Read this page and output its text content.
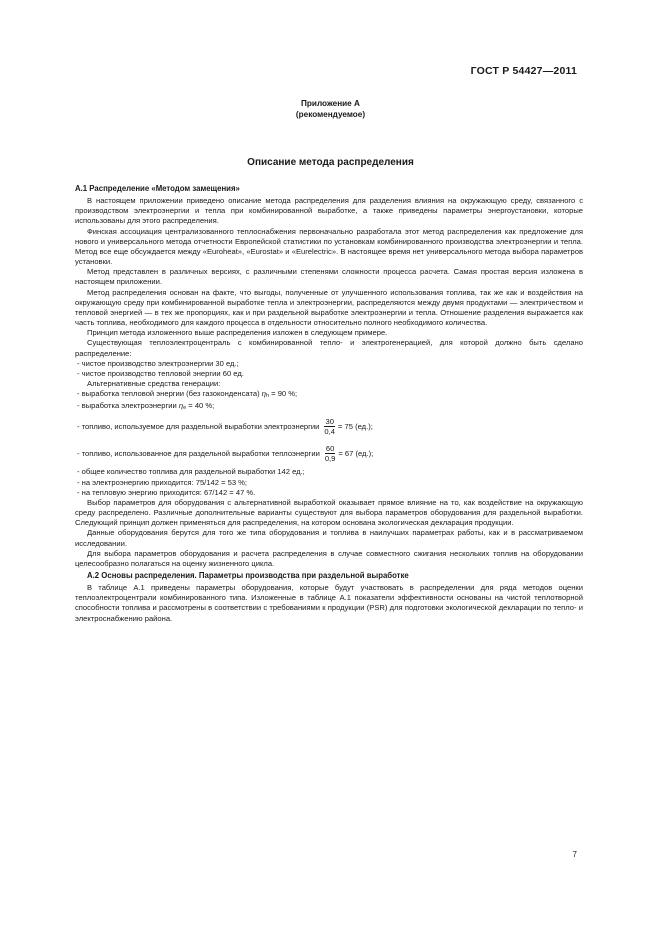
ГОСТ Р 54427—2011
Приложение А
(рекомендуемое)
Описание метода распределения

А.1 Распределение «Методом замещения»

В настоящем приложении приведено описание метода распределения для разделения влияния на окружающую среду, связанного с производством электроэнергии и тепла при комбинированной выработке, а также приведены параметры энергоустановки, которые использованы для этого распределения.

Финская ассоциация централизованного теплоснабжения первоначально разработала этот метод распределения как предложение для нового и универсального метода отчетности Европейской статистики по установкам комбинированного производства электроэнергии и тепла. Метод все еще обсуждается между «Euroheat», «Eurostat» и «Eurelectric». В настоящее время нет универсального метода выбора параметров установки.

Метод представлен в различных версиях, с различными степенями сложности процесса расчета. Самая простая версия изложена в настоящем приложении.

Метод распределения основан на факте, что выгоды, полученные от улучшенного использования топлива, так же как и воздействия на окружающую среду при комбинированной выработке тепла и электроэнергии, распределяются между двумя продуктами — электричеством и тепловой энергией — в тех же пропорциях, как и при раздельной выработке электроэнергии и тепла. Отношение разделения выражается как часть топлива, необходимого для каждого процесса в отдельности относительно полного необходимого количества.

Принцип метода изложенного выше распределения изложен в следующем примере.

Существующая теплоэлектроцентраль с комбинированной тепло- и электрогенерацией, для которой должно быть сделано распределение:

- чистое производство электроэнергии 30 ед.;

- чистое производство тепловой энергии 60 ед.

Альтернативные средства генерации:

- выработка тепловой энергии (без газоконденсата) ηh = 90 %;

- выработка электроэнергии ηe = 40 %;

- топливо, используемое для раздельной выработки электроэнергии $\frac{30}{0,4} = 75$ (ед.);
- топливо, использованное для раздельной выработки теплоэнергии $\frac{60}{0,9} = 67$ (ед.);

- общее количество топлива для раздельной выработки 142 ед.;

- на электроэнергию приходится: 75/142 = 53 %;

- на тепловую энергию приходится: 67/142 = 47 %.

Выбор параметров для оборудования с альтернативной выработкой оказывает прямое влияние на то, как воздействие на окружающую среду распределено. Различные дополнительные варианты существуют для выбора параметров оборудования для раздельной выработки. Следующий принцип должен применяться для распределения, на котором основана экологическая декларация продукции.

Данные оборудования берутся для того же типа оборудования и топлива в наилучших параметрах работы, как и в рассматриваемом исследовании.

Для выбора параметров оборудования и расчета распределения в случае совместного сжигания нескольких топлив на оборудовании целесообразно полагаться на оценку жизненного цикла.

А.2 Основы распределения. Параметры производства при раздельной выработке

В таблице А.1 приведены параметры оборудования, которые будут участвовать в распределении для ряда методов оценки теплоэлектроцентрали комбинированного типа. Изложенные в таблице А.1 показатели эффективности основаны на чистой теплотворной способности топлива и рассмотрены в соответствии с требованиями к продукции (PSR) для подготовки экологической декларации по тепло- и электроснабжению района.

7
